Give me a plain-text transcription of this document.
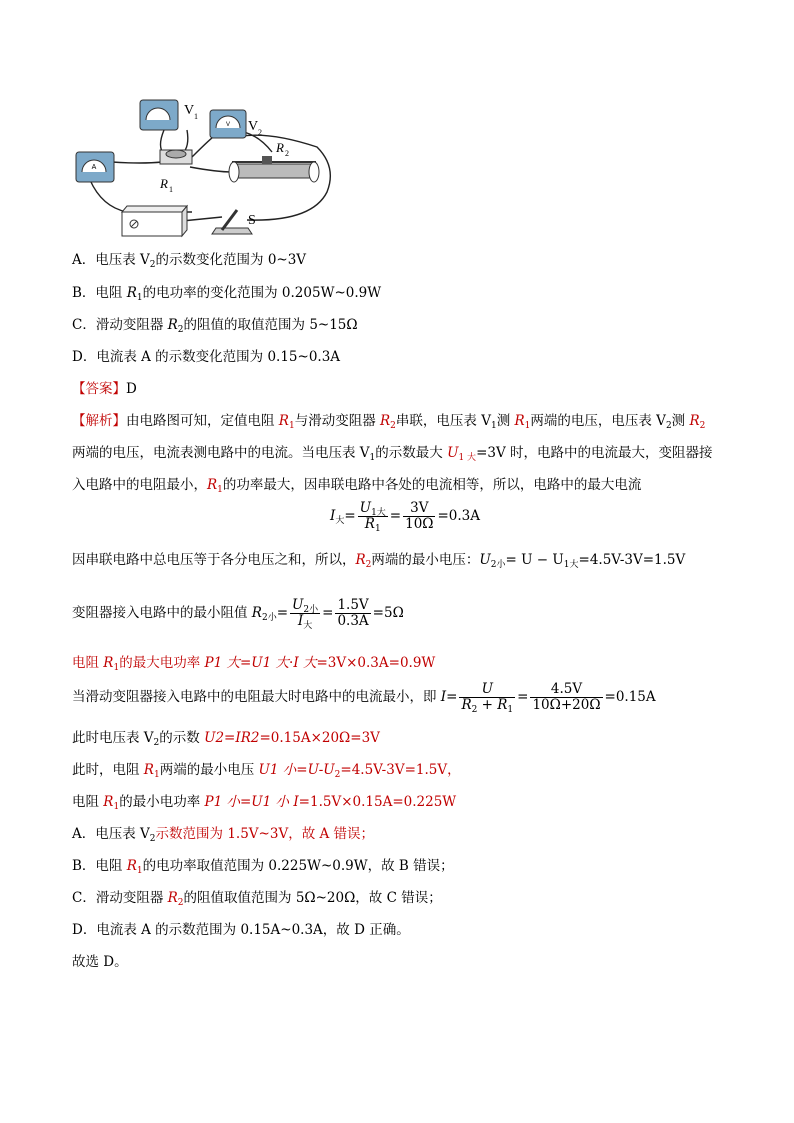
A
V 1
V V 2
R 1
R 2
S
A．电压表 $V_2$的示数变化范围为 0~3V
B．电阻 $R_1$的电功率的变化范围为 0.205W~0.9W
C．滑动变阻器 $R_2$的阻值的取值范围为 5~15Ω
D．电流表 A 的示数变化范围为 0.15~0.3A
【答案】D
【解析】由电路图可知，定值电阻 $R_1$与滑动变阻器 $R_2$串联，电压表 $V_1$测 $R_1$两端的电压，电压表 $V_2$测 $R_2$
两端的电压，电流表测电路中的电流。当电压表 $V_1$的示数最大 $U_{1 大}=3V$ 时，电路中的电流最大，变阻器接
入电路中的电阻最小，$R_1$的功率最大，因串联电路中各处的电流相等，所以，电路中的最大电流
$I_大= \frac{U_{1大}}{R_1} = \frac{3V}{10\Omega} =0.3A$
因串联电路中总电压等于各分电压之和，所以，$R_2$两端的最小电压：$U_{2小}= U - U_{1大}=4.5V-3V=1.5V$
变阻器接入电路中的最小阻值 $R_{2小}= \frac{U_{2小}}{I_大} = \frac{1.5V}{0.3A} =5\Omega$
电阻 $R_1$的最大电功率 P1 大=U1 大·I 大=3V×0.3A=0.9W
当滑动变阻器接入电路中的电阻最大时电路中的电流最小，即 $I= \frac{U}{R_2 + R_1} = \frac{4.5V}{10\Omega+20\Omega} =0.15A$
此时电压表 $V_2$的示数 U2=IR2=0.15A×20Ω=3V
此时，电阻 $R_1$两端的最小电压 U1 小$=U-U_2=4.5V-3V=1.5V$，
电阻 $R_1$的最小电功率 P1 小=U1 小 I=1.5V×0.15A=0.225W
A．电压表 $V_2$示数范围为 1.5V~3V，故 A 错误；
B．电阻 $R_1$的电功率取值范围为 0.225W~0.9W，故 B 错误；
C．滑动变阻器 $R_2$的阻值取值范围为 5Ω~20Ω，故 C 错误；
D．电流表 A 的示数范围为 0.15A~0.3A，故 D 正确。
故选 D。
